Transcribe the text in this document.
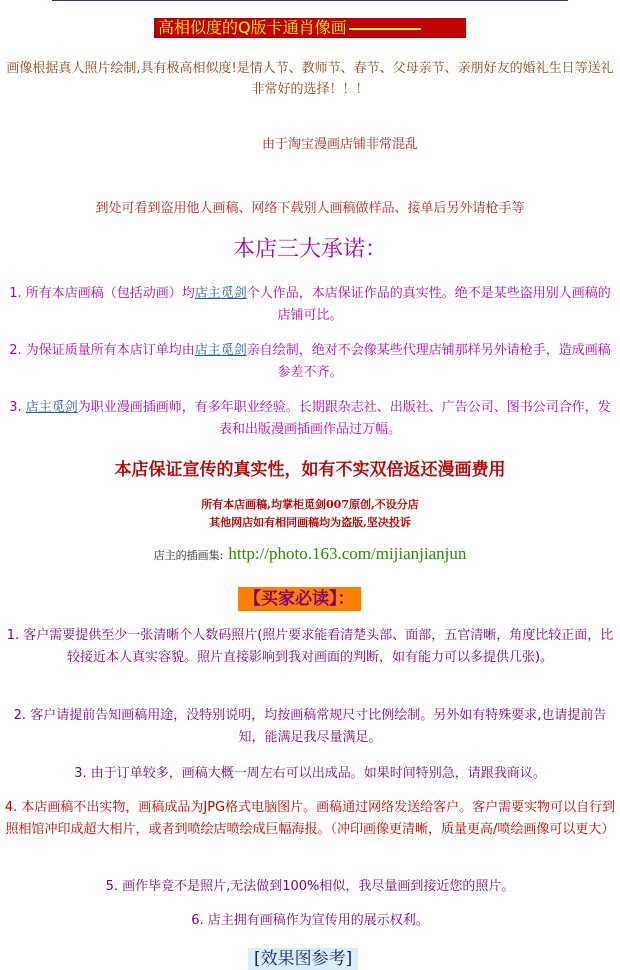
高相似度的Q版卡通肖像画
画像根据真人照片绘制,具有极高相似度!是情人节、教师节、春节、父母亲节、亲朋好友的婚礼生日等送礼非常好的选择！！！
由于淘宝漫画店铺非常混乱
到处可看到盗用他人画稿、网络下载别人画稿做样品、接单后另外请枪手等
本店三大承诺：
1. 所有本店画稿（包括动画）均店主觅剑个人作品，本店保证作品的真实性。绝不是某些盗用别人画稿的店铺可比。
2. 为保证质量所有本店订单均由店主觅剑亲自绘制，绝对不会像某些代理店铺那样另外请枪手，造成画稿参差不齐。
3. 店主觅剑为职业漫画插画师，有多年职业经验。长期跟杂志社、出版社、广告公司、图书公司合作，发表和出版漫画插画作品过万幅。
本店保证宣传的真实性，如有不实双倍返还漫画费用
所有本店画稿,均掌柜觅剑007原创,不设分店
其他网店如有相同画稿均为盗版,坚决投诉
店主的插画集: http://photo.163.com/mijianjianjun
【买家必读】：
1. 客户需要提供至少一张清晰个人数码照片(照片要求能看清楚头部、面部，五官清晰，角度比较正面，比较接近本人真实容貌。照片直接影响到我对画面的判断，如有能力可以多提供几张)。
2. 客户请提前告知画稿用途，没特别说明，均按画稿常规尺寸比例绘制。另外如有特殊要求,也请提前告知，能满足我尽量满足。
3. 由于订单较多，画稿大概一周左右可以出成品。如果时间特别急，请跟我商议。
4. 本店画稿不出实物，画稿成品为JPG格式电脑图片。画稿通过网络发送给客户。客户需要实物可以自行到照相馆冲印成超大相片，或者到喷绘店喷绘成巨幅海报。（冲印画像更清晰，质量更高/喷绘画像可以更大）
5. 画作毕竟不是照片,无法做到100%相似，我尽量画到接近您的照片。
6. 店主拥有画稿作为宣传用的展示权利。
[效果图参考]
